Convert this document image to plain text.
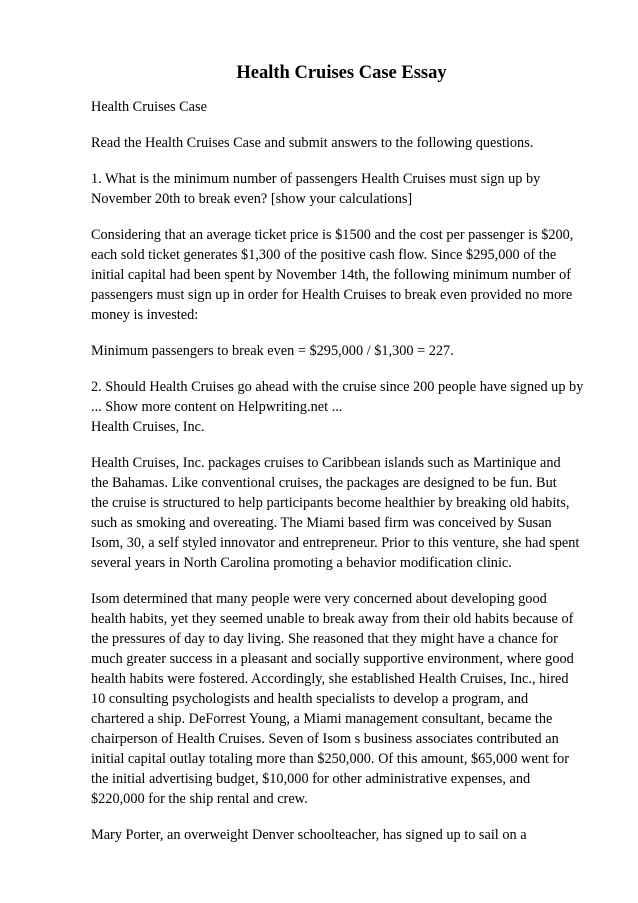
Health Cruises Case Essay
Health Cruises Case
Read the Health Cruises Case and submit answers to the following questions.
1. What is the minimum number of passengers Health Cruises must sign up by
November 20th to break even? [show your calculations]
Considering that an average ticket price is $1500 and the cost per passenger is $200,
each sold ticket generates $1,300 of the positive cash flow. Since $295,000 of the
initial capital had been spent by November 14th, the following minimum number of
passengers must sign up in order for Health Cruises to break even provided no more
money is invested:
Minimum passengers to break even = $295,000 / $1,300 = 227.
2. Should Health Cruises go ahead with the cruise since 200 people have signed up by
... Show more content on Helpwriting.net ...
Health Cruises, Inc.
Health Cruises, Inc. packages cruises to Caribbean islands such as Martinique and
the Bahamas. Like conventional cruises, the packages are designed to be fun. But
the cruise is structured to help participants become healthier by breaking old habits,
such as smoking and overeating. The Miami based firm was conceived by Susan
Isom, 30, a self styled innovator and entrepreneur. Prior to this venture, she had spent
several years in North Carolina promoting a behavior modification clinic.
Isom determined that many people were very concerned about developing good
health habits, yet they seemed unable to break away from their old habits because of
the pressures of day to day living. She reasoned that they might have a chance for
much greater success in a pleasant and socially supportive environment, where good
health habits were fostered. Accordingly, she established Health Cruises, Inc., hired
10 consulting psychologists and health specialists to develop a program, and
chartered a ship. DeForrest Young, a Miami management consultant, became the
chairperson of Health Cruises. Seven of Isom s business associates contributed an
initial capital outlay totaling more than $250,000. Of this amount, $65,000 went for
the initial advertising budget, $10,000 for other administrative expenses, and
$220,000 for the ship rental and crew.
Mary Porter, an overweight Denver schoolteacher, has signed up to sail on a
